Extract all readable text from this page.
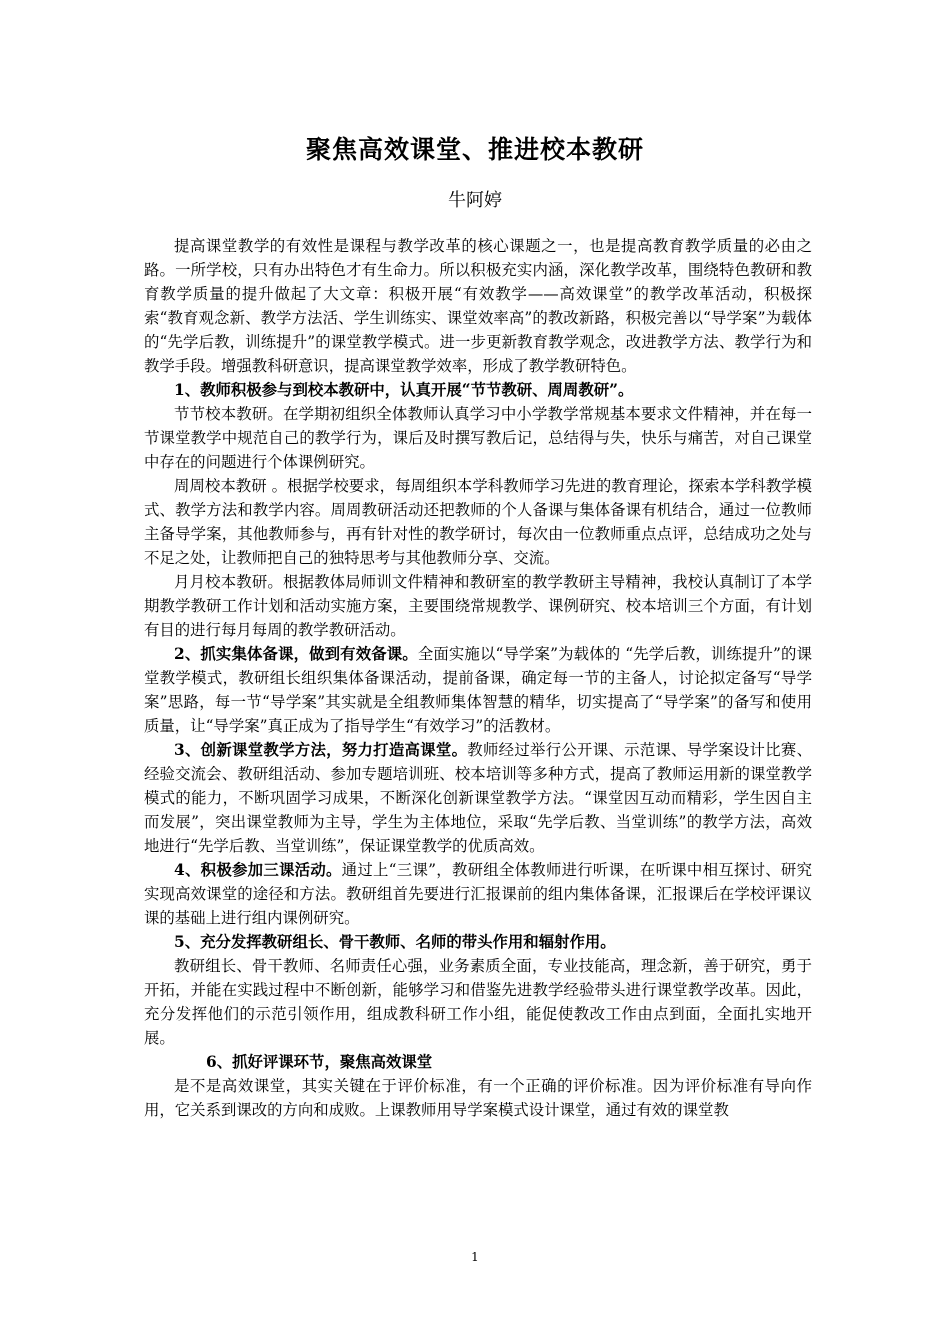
聚焦高效课堂、推进校本教研
牛阿婷

提高课堂教学的有效性是课程与教学改革的核心课题之一，也是提高教育教学质量的必由之路。一所学校，只有办出特色才有生命力。所以积极充实内涵，深化教学改革，围绕特色教研和教育教学质量的提升做起了大文章：积极开展“有效教学——高效课堂”的教学改革活动，积极探索“教育观念新、教学方法活、学生训练实、课堂效率高”的教改新路，积极完善以“导学案”为载体的“先学后教，训练提升”的课堂教学模式。进一步更新教育教学观念，改进教学方法、教学行为和教学手段。增强教科研意识，提高课堂教学效率，形成了教学教研特色。

1、教师积极参与到校本教研中，认真开展“节节教研、周周教研”。

节节校本教研。在学期初组织全体教师认真学习中小学教学常规基本要求文件精神，并在每一节课堂教学中规范自己的教学行为，课后及时撰写教后记，总结得与失，快乐与痛苦，对自己课堂中存在的问题进行个体课例研究。

周周校本教研 。根据学校要求，每周组织本学科教师学习先进的教育理论，探索本学科教学模式、教学方法和教学内容。周周教研活动还把教师的个人备课与集体备课有机结合，通过一位教师主备导学案，其他教师参与，再有针对性的教学研讨，每次由一位教师重点点评，总结成功之处与不足之处，让教师把自己的独特思考与其他教师分享、交流。

月月校本教研。根据教体局师训文件精神和教研室的教学教研主导精神，我校认真制订了本学期教学教研工作计划和活动实施方案，主要围绕常规教学、课例研究、校本培训三个方面，有计划有目的进行每月每周的教学教研活动。

2、抓实集体备课，做到有效备课。全面实施以“导学案”为载体的 “先学后教，训练提升”的课堂教学模式，教研组长组织集体备课活动，提前备课，确定每一节的主备人，讨论拟定备写“导学案”思路，每一节“导学案”其实就是全组教师集体智慧的精华，切实提高了“导学案”的备写和使用质量，让“导学案”真正成为了指导学生“有效学习”的活教材。

3、创新课堂教学方法，努力打造高课堂。教师经过举行公开课、示范课、导学案设计比赛、经验交流会、教研组活动、参加专题培训班、校本培训等多种方式，提高了教师运用新的课堂教学模式的能力，不断巩固学习成果，不断深化创新课堂教学方法。“课堂因互动而精彩，学生因自主而发展”，突出课堂教师为主导，学生为主体地位，采取“先学后教、当堂训练”的教学方法，高效地进行“先学后教、当堂训练”，保证课堂教学的优质高效。

4、积极参加三课活动。通过上“三课”，教研组全体教师进行听课，在听课中相互探讨、研究实现高效课堂的途径和方法。教研组首先要进行汇报课前的组内集体备课，汇报课后在学校评课议课的基础上进行组内课例研究。

5、充分发挥教研组长、骨干教师、名师的带头作用和辐射作用。

教研组长、骨干教师、名师责任心强，业务素质全面，专业技能高，理念新，善于研究，勇于开拓，并能在实践过程中不断创新，能够学习和借鉴先进教学经验带头进行课堂教学改革。因此，充分发挥他们的示范引领作用，组成教科研工作小组，能促使教改工作由点到面，全面扎实地开展。

6、抓好评课环节，聚焦高效课堂

是不是高效课堂，其实关键在于评价标准，有一个正确的评价标准。因为评价标准有导向作用，它关系到课改的方向和成败。上课教师用导学案模式设计课堂，通过有效的课堂教

1
